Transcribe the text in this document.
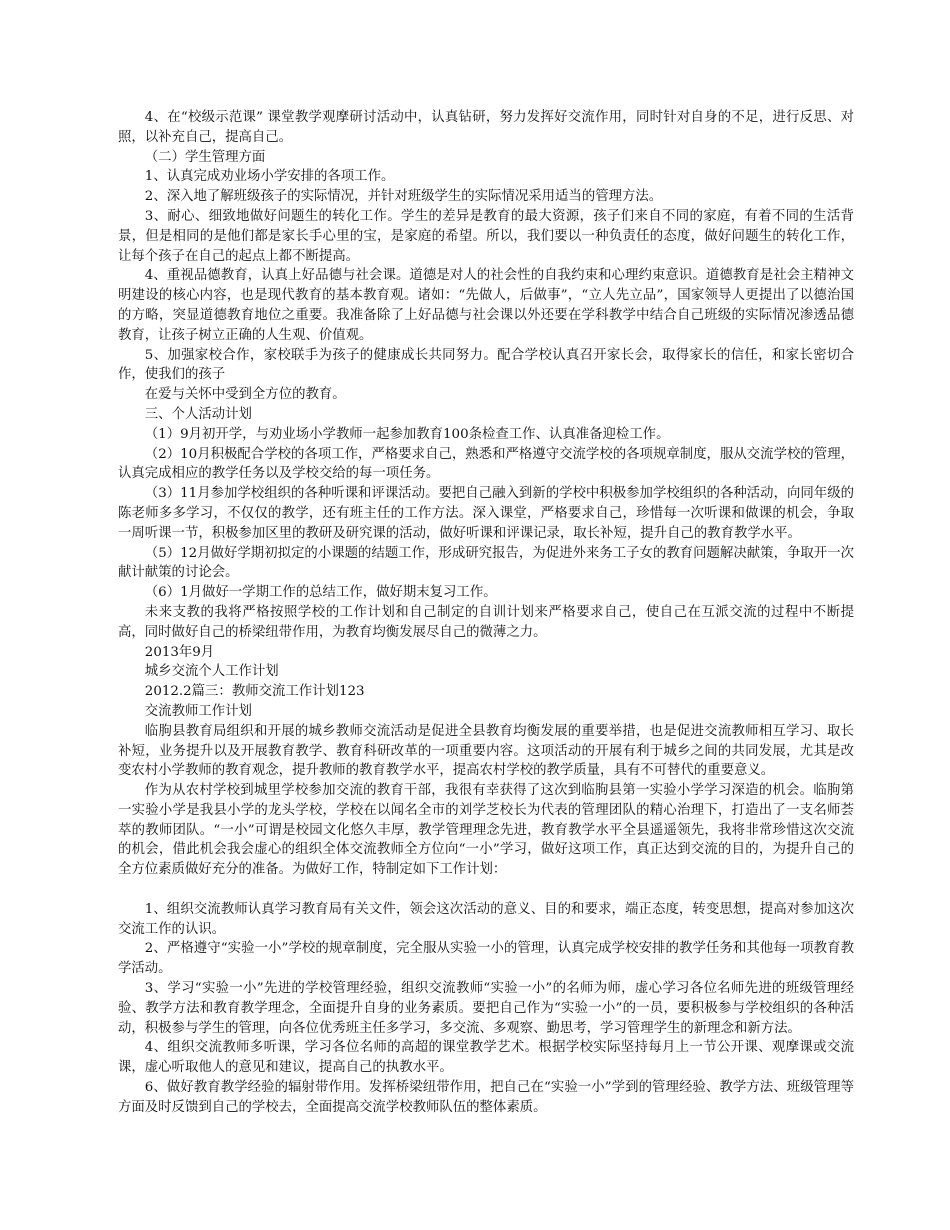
4、在“校级示范课” 课堂教学观摩研讨活动中，认真钻研，努力发挥好交流作用，同时针对自身的不足，进行反思、对照，以补充自己，提高自己。

（二）学生管理方面

1、认真完成劝业场小学安排的各项工作。

2、深入地了解班级孩子的实际情况，并针对班级学生的实际情况采用适当的管理方法。

3、耐心、细致地做好问题生的转化工作。学生的差异是教育的最大资源，孩子们来自不同的家庭，有着不同的生活背景，但是相同的是他们都是家长手心里的宝，是家庭的希望。所以，我们要以一种负责任的态度，做好问题生的转化工作，让每个孩子在自己的起点上都不断提高。

4、重视品德教育，认真上好品德与社会课。道德是对人的社会性的自我约束和心理约束意识。道德教育是社会主精神文明建设的核心内容，也是现代教育的基本教育观。诸如：“先做人，后做事”，“立人先立品”，国家领导人更提出了以德治国的方略，突显道德教育地位之重要。我准备除了上好品德与社会课以外还要在学科教学中结合自己班级的实际情况渗透品德教育，让孩子树立正确的人生观、价值观。

5、加强家校合作，家校联手为孩子的健康成长共同努力。配合学校认真召开家长会，取得家长的信任，和家长密切合作，使我们的孩子

在爱与关怀中受到全方位的教育。

三、个人活动计划

（1）9月初开学，与劝业场小学教师一起参加教育100条检查工作、认真准备迎检工作。

（2）10月积极配合学校的各项工作，严格要求自己，熟悉和严格遵守交流学校的各项规章制度，服从交流学校的管理，认真完成相应的教学任务以及学校交给的每一项任务。

（3）11月参加学校组织的各种听课和评课活动。要把自己融入到新的学校中积极参加学校组织的各种活动，向同年级的陈老师多多学习，不仅仅的教学，还有班主任的工作方法。深入课堂，严格要求自己，珍惜每一次听课和做课的机会，争取一周听课一节，积极参加区里的教研及研究课的活动，做好听课和评课记录，取长补短，提升自己的教育教学水平。

（5）12月做好学期初拟定的小课题的结题工作，形成研究报告，为促进外来务工子女的教育问题解决献策，争取开一次献计献策的讨论会。

（6）1月做好一学期工作的总结工作，做好期末复习工作。

未来支教的我将严格按照学校的工作计划和自己制定的自训计划来严格要求自己，使自己在互派交流的过程中不断提高，同时做好自己的桥梁纽带作用，为教育均衡发展尽自己的微薄之力。

2013年9月

城乡交流个人工作计划

2012.2篇三：教师交流工作计划123

交流教师工作计划

临朐县教育局组织和开展的城乡教师交流活动是促进全县教育均衡发展的重要举措，也是促进交流教师相互学习、取长补短，业务提升以及开展教育教学、教育科研改革的一项重要内容。这项活动的开展有利于城乡之间的共同发展，尤其是改变农村小学教师的教育观念，提升教师的教育教学水平，提高农村学校的教学质量，具有不可替代的重要意义。

作为从农村学校到城里学校参加交流的教育干部，我很有幸获得了这次到临朐县第一实验小学学习深造的机会。临朐第一实验小学是我县小学的龙头学校，学校在以闻名全市的刘学芝校长为代表的管理团队的精心治理下，打造出了一支名师荟萃的教师团队。“一小”可谓是校园文化悠久丰厚，教学管理理念先进，教育教学水平全县遥遥领先，我将非常珍惜这次交流的机会，借此机会我会虚心的组织全体交流教师全方位向“一小”学习，做好这项工作，真正达到交流的目的，为提升自己的全方位素质做好充分的准备。为做好工作，特制定如下工作计划：

1、组织交流教师认真学习教育局有关文件，领会这次活动的意义、目的和要求，端正态度，转变思想，提高对参加这次交流工作的认识。

2、严格遵守“实验一小”学校的规章制度，完全服从实验一小的管理，认真完成学校安排的教学任务和其他每一项教育教学活动。

3、学习“实验一小”先进的学校管理经验，组织交流教师“实验一小”的名师为师，虚心学习各位名师先进的班级管理经验、教学方法和教育教学理念，全面提升自身的业务素质。要把自己作为“实验一小”的一员，要积极参与学校组织的各种活动，积极参与学生的管理，向各位优秀班主任多学习，多交流、多观察、勤思考，学习管理学生的新理念和新方法。

4、组织交流教师多听课，学习各位名师的高超的课堂教学艺术。根据学校实际坚持每月上一节公开课、观摩课或交流课，虚心听取他人的意见和建议，提高自己的执教水平。

6、做好教育教学经验的辐射带作用。发挥桥梁纽带作用，把自己在“实验一小”学到的管理经验、教学方法、班级管理等方面及时反馈到自己的学校去，全面提高交流学校教师队伍的整体素质。
